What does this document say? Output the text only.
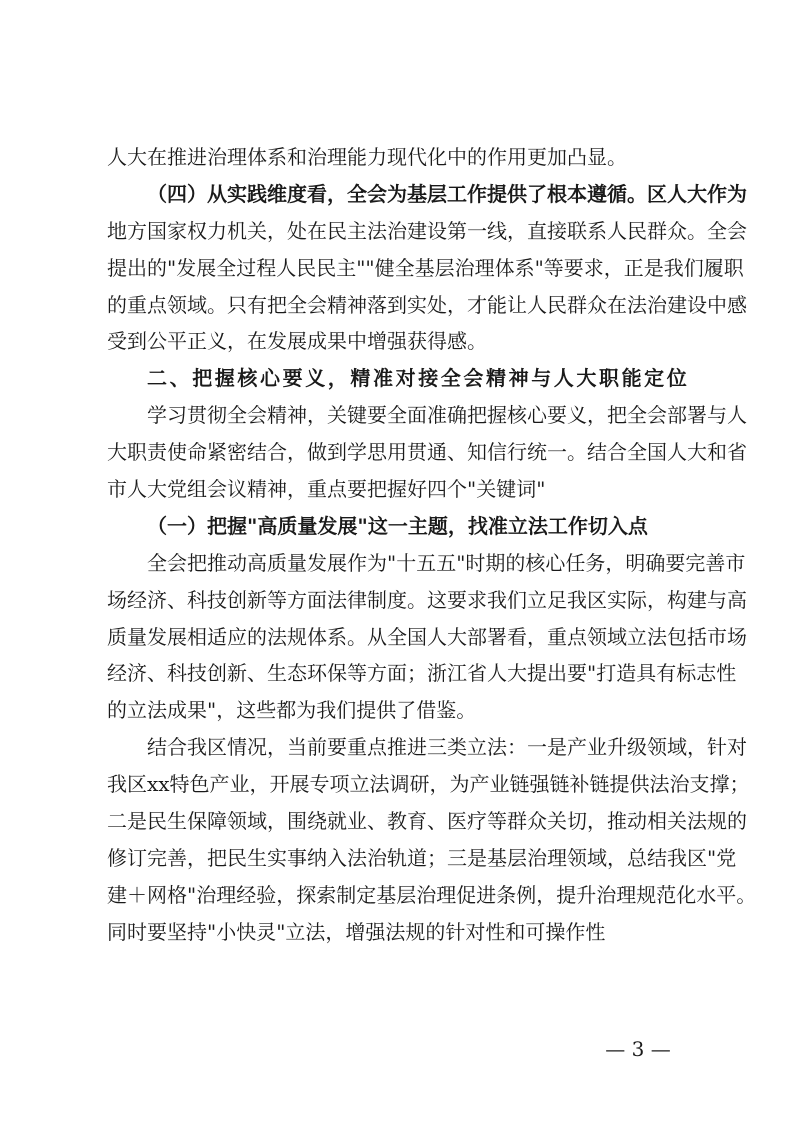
人大在推进治理体系和治理能力现代化中的作用更加凸显。
（四）从实践维度看，全会为基层工作提供了根本遵循。区人大作为
地方国家权力机关，处在民主法治建设第一线，直接联系人民群众。全会
提出的"发展全过程人民民主""健全基层治理体系"等要求，正是我们履职
的重点领域。只有把全会精神落到实处，才能让人民群众在法治建设中感
受到公平正义，在发展成果中增强获得感。
二、把握核心要义，精准对接全会精神与人大职能定位
学习贯彻全会精神，关键要全面准确把握核心要义，把全会部署与人
大职责使命紧密结合，做到学思用贯通、知信行统一。结合全国人大和省
市人大党组会议精神，重点要把握好四个"关键词"
（一）把握"高质量发展"这一主题，找准立法工作切入点
全会把推动高质量发展作为"十五五"时期的核心任务，明确要完善市
场经济、科技创新等方面法律制度。这要求我们立足我区实际，构建与高
质量发展相适应的法规体系。从全国人大部署看，重点领域立法包括市场
经济、科技创新、生态环保等方面；浙江省人大提出要"打造具有标志性
的立法成果"，这些都为我们提供了借鉴。
结合我区情况，当前要重点推进三类立法：一是产业升级领域，针对
我区xx特色产业，开展专项立法调研，为产业链强链补链提供法治支撑；
二是民生保障领域，围绕就业、教育、医疗等群众关切，推动相关法规的
修订完善，把民生实事纳入法治轨道；三是基层治理领域，总结我区"党
建＋网格"治理经验，探索制定基层治理促进条例，提升治理规范化水平。
同时要坚持"小快灵"立法，增强法规的针对性和可操作性
— 3 —
